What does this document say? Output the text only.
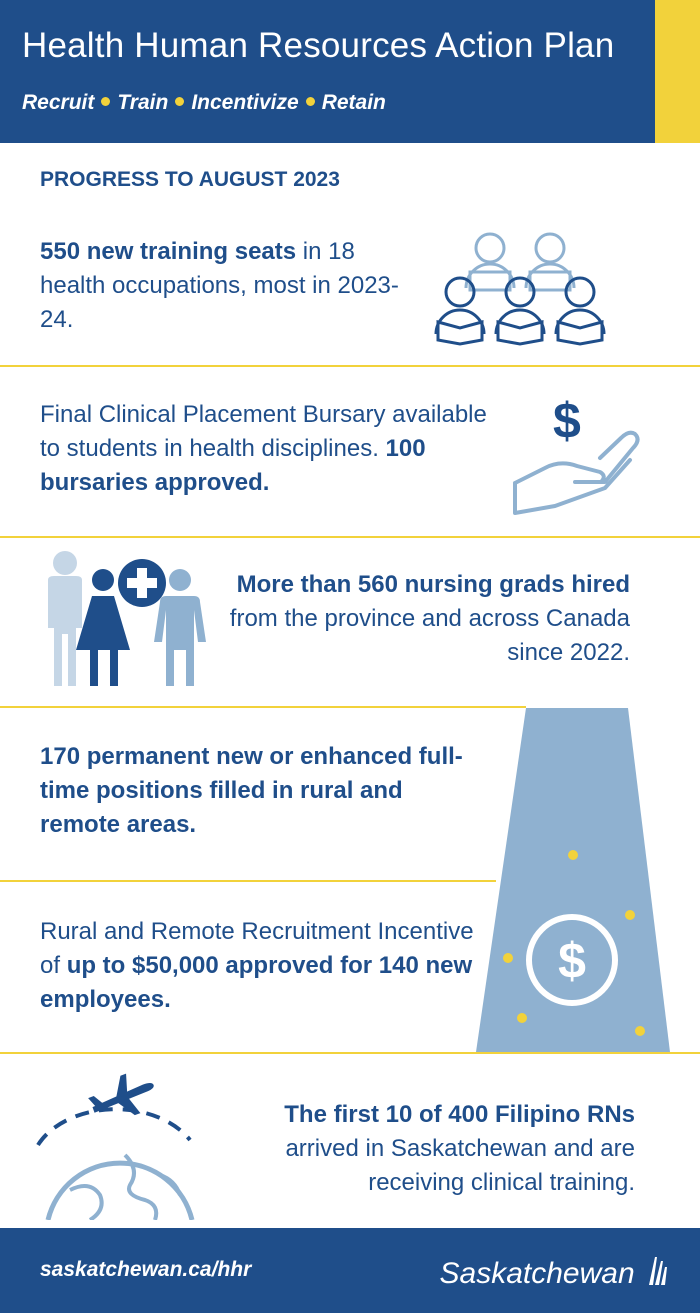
Health Human Resources Action Plan
Recruit Train Incentivize Retain
PROGRESS TO AUGUST 2023
550 new training seats in 18 health occupations, most in 2023-24.
Final Clinical Placement Bursary available to students in health disciplines. 100 bursaries approved.
$
More than 560 nursing grads hired from the province and across Canada since 2022.
170 permanent new or enhanced full-time positions filled in rural and remote areas.
Rural and Remote Recruitment Incentive of up to $50,000 approved for 140 new employees.
$
The first 10 of 400 Filipino RNs arrived in Saskatchewan and are receiving clinical training.
saskatchewan.ca/hhr	Saskatchewan
